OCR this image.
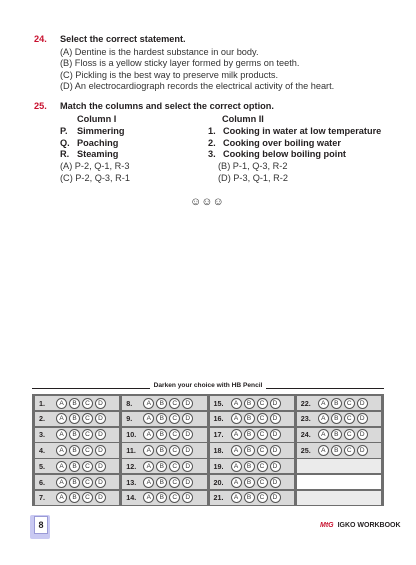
24. Select the correct statement.
(A) Dentine is the hardest substance in our body.
(B) Floss is a yellow sticky layer formed by germs on teeth.
(C) Pickling is the best way to preserve milk products.
(D) An electrocardiograph records the electrical activity of the heart.
25. Match the columns and select the correct option.
Column I	Column II
P. Simmering	1. Cooking in water at low temperature
Q. Poaching	2. Cooking over boiling water
R. Steaming	3. Cooking below boiling point
(A) P-2, Q-1, R-3	(B) P-1, Q-3, R-2
(C) P-2, Q-3, R-1	(D) P-3, Q-1, R-2
☺☺☺
Darken your choice with HB Pencil
1.	A	B	C	D
2.	A	B	C	D
3.	A	B	C	D
4.	A	B	C	D
5.	A	B	C	D
6.	A	B	C	D
7.	A	B	C	D
8.	A	B	C	D
9.	A	B	C	D
10.	A	B	C	D
11.	A	B	C	D
12.	A	B	C	D
13.	A	B	C	D
14.	A	B	C	D
15.	A	B	C	D
16.	A	B	C	D
17.	A	B	C	D
18.	A	B	C	D
19.	A	B	C	D
20.	A	B	C	D
21.	A	B	C	D
22.	A	B	C	D
23.	A	B	C	D
24.	A	B	C	D
25.	A	B	C	D
8	MtG IGKO WORKBOOK
